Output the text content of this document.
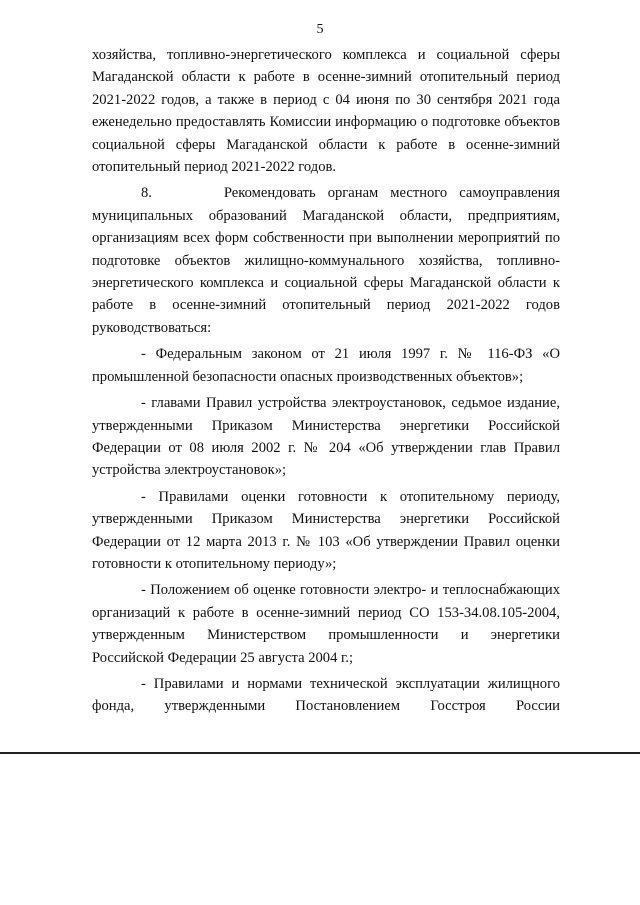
5

хозяйства, топливно-энергетического комплекса и социальной сферы Магаданской области к работе в осенне-зимний отопительный период 2021-2022 годов, а также в период с 04 июня по 30 сентября 2021 года еженедельно предоставлять Комиссии информацию о подготовке объектов социальной сферы Магаданской области к работе в осенне-зимний отопительный период 2021-2022 годов.

8.      Рекомендовать органам местного самоуправления муниципальных образований Магаданской области, предприятиям, организациям всех форм собственности при выполнении мероприятий по подготовке объектов жилищно-коммунального хозяйства, топливно-энергетического комплекса и социальной сферы Магаданской области к работе в осенне-зимний отопительный период 2021-2022 годов руководствоваться:

- Федеральным законом от 21 июля 1997 г. № 116-ФЗ «О промышленной безопасности опасных производственных объектов»;

- главами Правил устройства электроустановок, седьмое издание, утвержденными Приказом Министерства энергетики Российской Федерации от 08 июля 2002 г. № 204 «Об утверждении глав Правил устройства электроустановок»;

- Правилами оценки готовности к отопительному периоду, утвержденными Приказом Министерства энергетики Российской Федерации от 12 марта 2013 г. № 103 «Об утверждении Правил оценки готовности к отопительному периоду»;

- Положением об оценке готовности электро- и теплоснабжающих организаций к работе в осенне-зимний период СО 153-34.08.105-2004, утвержденным Министерством промышленности и энергетики Российской Федерации 25 августа 2004 г.;

- Правилами и нормами технической эксплуатации жилищного фонда, утвержденными Постановлением Госстроя России
